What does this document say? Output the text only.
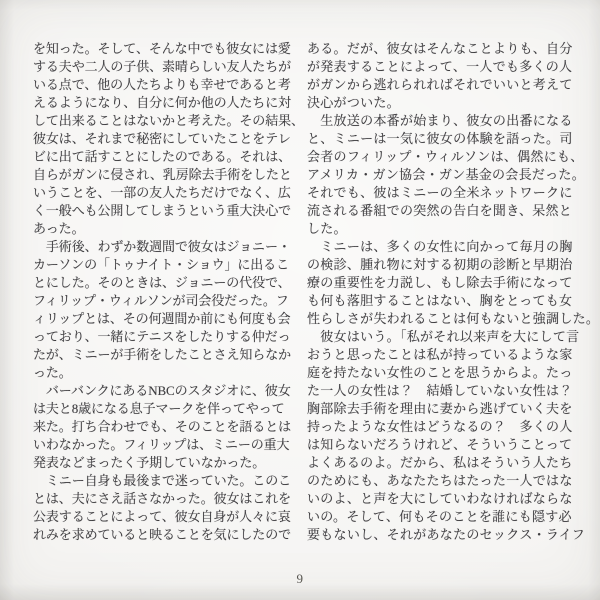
を知った。そして、そんな中でも彼女には愛
する夫や二人の子供、素晴らしい友人たちが
いる点で、他の人たちよりも幸せであると考
えるようになり、自分に何か他の人たちに対
して出来ることはないかと考えた。その結果、
彼女は、それまで秘密にしていたことをテレ
ビに出て話すことにしたのである。それは、
自らがガンに侵され、乳房除去手術をしたと
いうことを、一部の友人たちだけでなく、広
く一般へも公開してしまうという重大決心で
あった。
　手術後、わずか数週間で彼女はジョニー・
カーソンの「トゥナイト・ショウ」に出るこ
とにした。そのときは、ジョニーの代役で、
フィリップ・ウィルソンが司会役だった。フ
ィリップとは、その何週間か前にも何度も会
っており、一緒にテニスをしたりする仲だっ
たが、ミニーが手術をしたことさえ知らなか
った。
　バーバンクにあるNBCのスタジオに、彼女
は夫と8歳になる息子マークを伴ってやって
来た。打ち合わせでも、そのことを語るとは
いわなかった。フィリップは、ミニーの重大
発表などまったく予期していなかった。
　ミニー自身も最後まで迷っていた。このこ
とは、夫にさえ話さなかった。彼女はこれを
公表することによって、彼女自身が人々に哀
れみを求めていると映ることを気にしたので
ある。だが、彼女はそんなことよりも、自分
が発表することによって、一人でも多くの人
がガンから逃れられればそれでいいと考えて
決心がついた。
　生放送の本番が始まり、彼女の出番になる
と、ミニーは一気に彼女の体験を語った。司
会者のフィリップ・ウィルソンは、偶然にも、
アメリカ・ガン協会・ガン基金の会長だった。
それでも、彼はミニーの全米ネットワークに
流される番組での突然の告白を聞き、呆然と
した。
　ミニーは、多くの女性に向かって毎月の胸
の検診、腫れ物に対する初期の診断と早期治
療の重要性を力説し、もし除去手術になって
も何も落胆することはない、胸をとっても女
性らしさが失われることは何もないと強調した。
　彼女はいう。「私がそれ以来声を大にして言
おうと思ったことは私が持っているような家
庭を持たない女性のことを思うからよ。たっ
た一人の女性は？　結婚していない女性は？
胸部除去手術を理由に妻から逃げていく夫を
持ったような女性はどうなるの？　多くの人
は知らないだろうけれど、そういうことって
よくあるのよ。だから、私はそういう人たち
のためにも、あなたたちはたった一人ではな
いのよ、と声を大にしていわなければならな
いの。そして、何もそのことを誰にも隠す必
要もないし、それがあなたのセックス・ライフ
9
